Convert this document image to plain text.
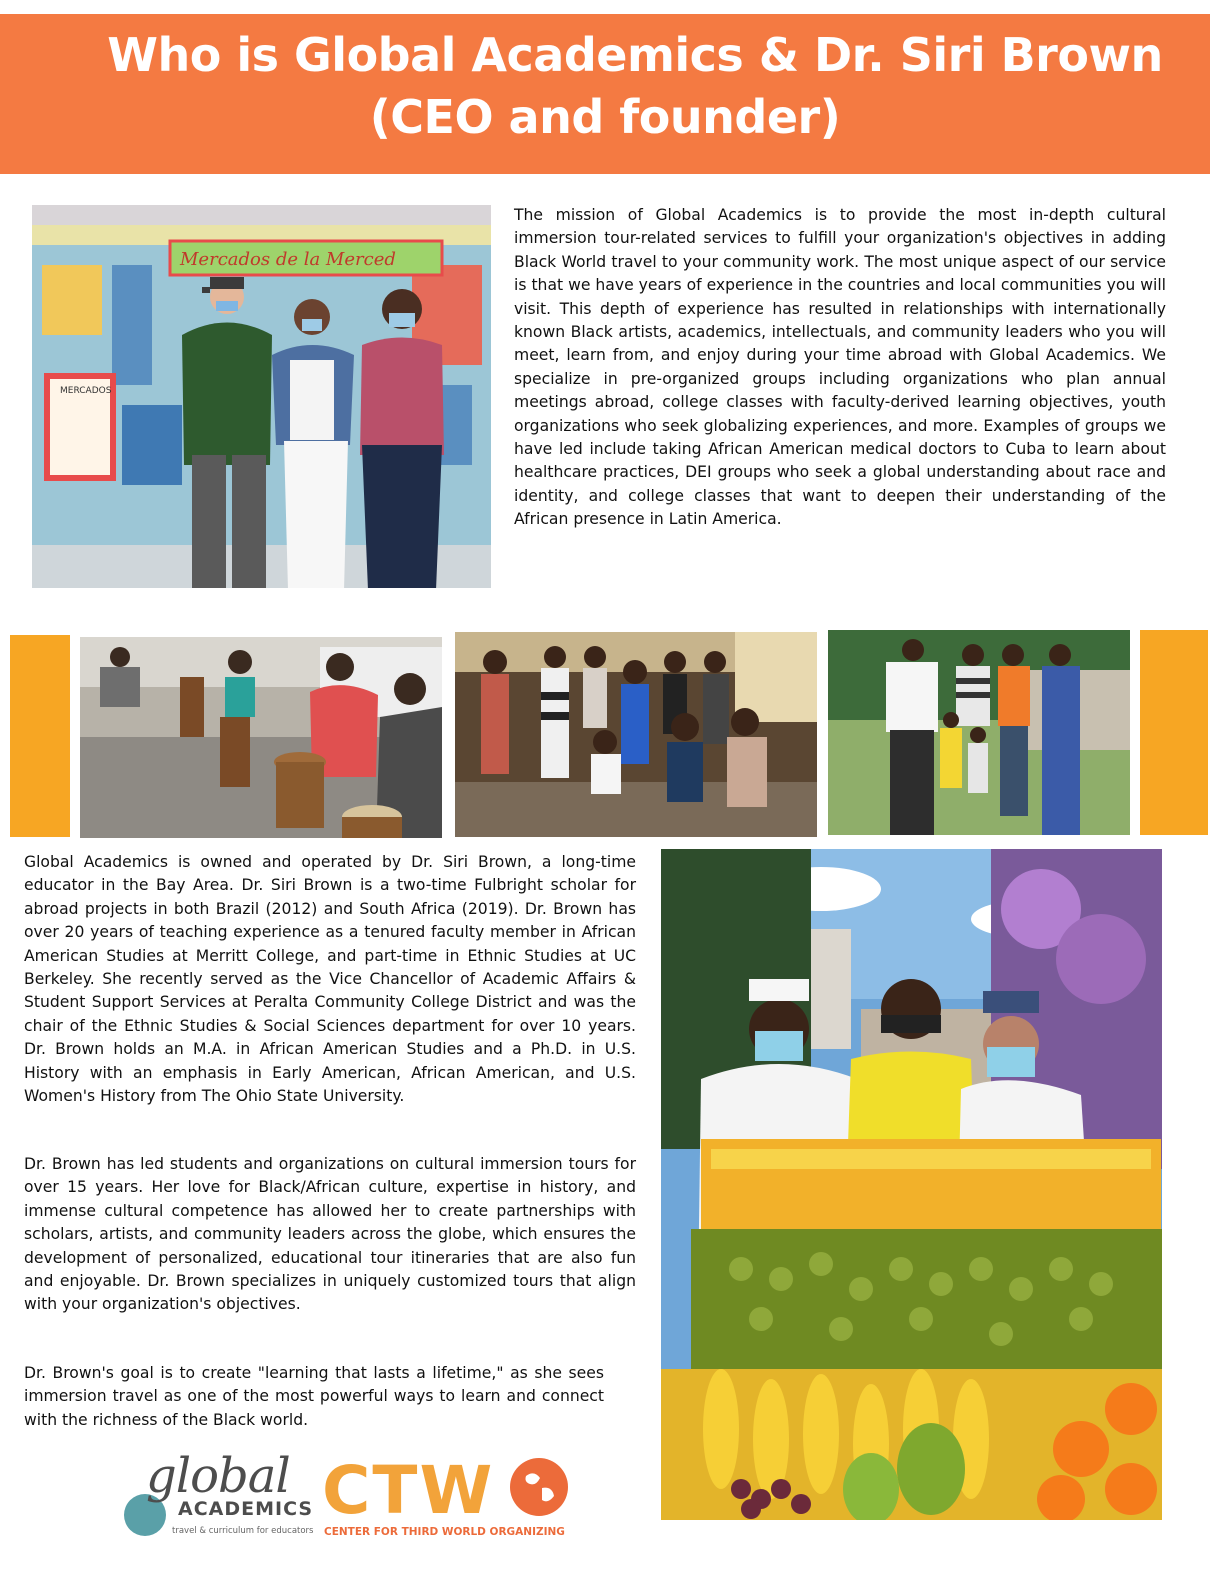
Who is Global Academics & Dr. Siri Brown
(CEO and founder)
MERCADOS
Mercados de la Merced
The mission of Global Academics is to provide the most in-depth cultural immersion tour-related services to fulfill your organization's objectives in adding Black World travel to your community work. The most unique aspect of our service is that we have years of experience in the countries and local communities you will visit. This depth of experience has resulted in relationships with internationally known Black artists, academics, intellectuals, and community leaders who you will meet, learn from, and enjoy during your time abroad with Global Academics. We specialize in pre-organized groups including organizations who plan annual meetings abroad, college classes with faculty-derived learning objectives, youth organizations who seek globalizing experiences, and more. Examples of groups we have led include taking African American medical doctors to Cuba to learn about healthcare practices, DEI groups who seek a global understanding about race and identity, and college classes that want to deepen their understanding of the African presence in Latin America.
Global Academics is owned and operated by Dr. Siri Brown, a long-time educator in the Bay Area. Dr. Siri Brown is a two-time Fulbright scholar for abroad projects in both Brazil (2012) and South Africa (2019). Dr. Brown has over 20 years of teaching experience as a tenured faculty member in African American Studies at Merritt College, and part-time in Ethnic Studies at UC Berkeley. She recently served as the Vice Chancellor of Academic Affairs & Student Support Services at Peralta Community College District and was the chair of the Ethnic Studies & Social Sciences department for over 10 years. Dr. Brown holds an M.A. in African American Studies and a Ph.D. in U.S. History with an emphasis in Early American, African American, and U.S. Women's History from The Ohio State University.
Dr. Brown has led students and organizations on cultural immersion tours for over 15 years. Her love for Black/African culture, expertise in history, and immense cultural competence has allowed her to create partnerships with scholars, artists, and community leaders across the globe, which ensures the development of personalized, educational tour itineraries that are also fun and enjoyable. Dr. Brown specializes in uniquely customized tours that align with your organization's objectives.
Dr. Brown's goal is to create "learning that lasts a lifetime," as she sees immersion travel as one of the most powerful ways to learn and connect with the richness of the Black world.
global
ACADEMICS
travel & curriculum for educators
CTW
CENTER FOR THIRD WORLD ORGANIZING
